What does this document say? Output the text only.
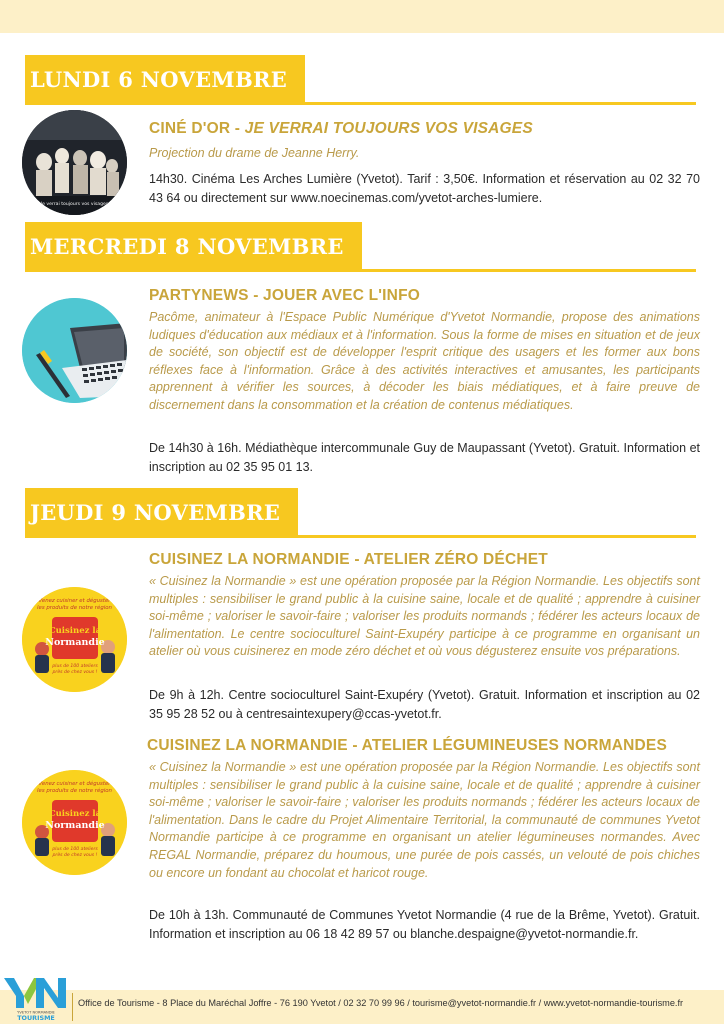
LUNDI 6 NOVEMBRE
Je verrai toujours vos visages
CINÉ D'OR - JE VERRAI TOUJOURS VOS VISAGES
Projection du drame de Jeanne Herry.
14h30. Cinéma Les Arches Lumière (Yvetot). Tarif : 3,50€. Information et réservation au 02 32 70 43 64 ou directement sur www.noecinemas.com/yvetot-arches-lumiere.
MERCREDI 8 NOVEMBRE
PARTYNEWS - JOUER AVEC L'INFO
Pacôme, animateur à l'Espace Public Numérique d'Yvetot Normandie, propose des animations ludiques d'éducation aux médiaux et à l'information. Sous la forme de mises en situation et de jeux de société, son objectif est de développer l'esprit critique des usagers et les former aux bons réflexes face à l'information. Grâce à des activités interactives et amusantes, les participants apprennent à vérifier les sources, à décoder les biais médiatiques, et à faire preuve de discernement dans la consommation et la création de contenus médiatiques.
De 14h30 à 16h. Médiathèque intercommunale Guy de Maupassant (Yvetot). Gratuit. Information et inscription au 02 35 95 01 13.
JEUDI 9 NOVEMBRE
Venez cuisiner et déguster
les produits de notre région
Cuisinez la
Normandie
plus de 100 ateliers
près de chez vous !
CUISINEZ LA NORMANDIE - ATELIER ZÉRO DÉCHET
« Cuisinez la Normandie » est une opération proposée par la Région Normandie. Les objectifs sont multiples : sensibiliser le grand public à la cuisine saine, locale et de qualité ; apprendre à cuisiner soi-même ; valoriser le savoir-faire ; valoriser les produits normands ; fédérer les acteurs locaux de l'alimentation. Le centre socioculturel Saint-Exupéry participe à ce programme en organisant un atelier où vous cuisinerez en mode zéro déchet et où vous dégusterez ensuite vos préparations.
De 9h à 12h. Centre socioculturel Saint-Exupéry (Yvetot). Gratuit. Information et inscription au 02 35 95 28 52 ou à centresaintexupery@ccas-yvetot.fr.
Venez cuisiner et déguster
les produits de notre région
Cuisinez la
Normandie
plus de 100 ateliers
près de chez vous !
CUISINEZ LA NORMANDIE - ATELIER LÉGUMINEUSES NORMANDES
« Cuisinez la Normandie » est une opération proposée par la Région Normandie. Les objectifs sont multiples : sensibiliser le grand public à la cuisine saine, locale et de qualité ; apprendre à cuisiner soi-même ; valoriser le savoir-faire ; valoriser les produits normands ; fédérer les acteurs locaux de l'alimentation. Dans le cadre du Projet Alimentaire Territorial, la communauté de communes Yvetot Normandie participe à ce programme en organisant un atelier légumineuses normandes. Avec REGAL Normandie, préparez du houmous, une purée de pois cassés, un velouté de pois chiches ou encore un fondant au chocolat et haricot rouge.
De 10h à 13h. Communauté de Communes Yvetot Normandie (4 rue de la Brême, Yvetot). Gratuit. Information et inscription au 06 18 42 89 57 ou blanche.despaigne@yvetot-normandie.fr.
YVETOT NORMANDIE
TOURISME
Office de Tourisme - 8 Place du Maréchal Joffre - 76 190 Yvetot / 02 32 70 99 96 / tourisme@yvetot-normandie.fr / www.yvetot-normandie-tourisme.fr
